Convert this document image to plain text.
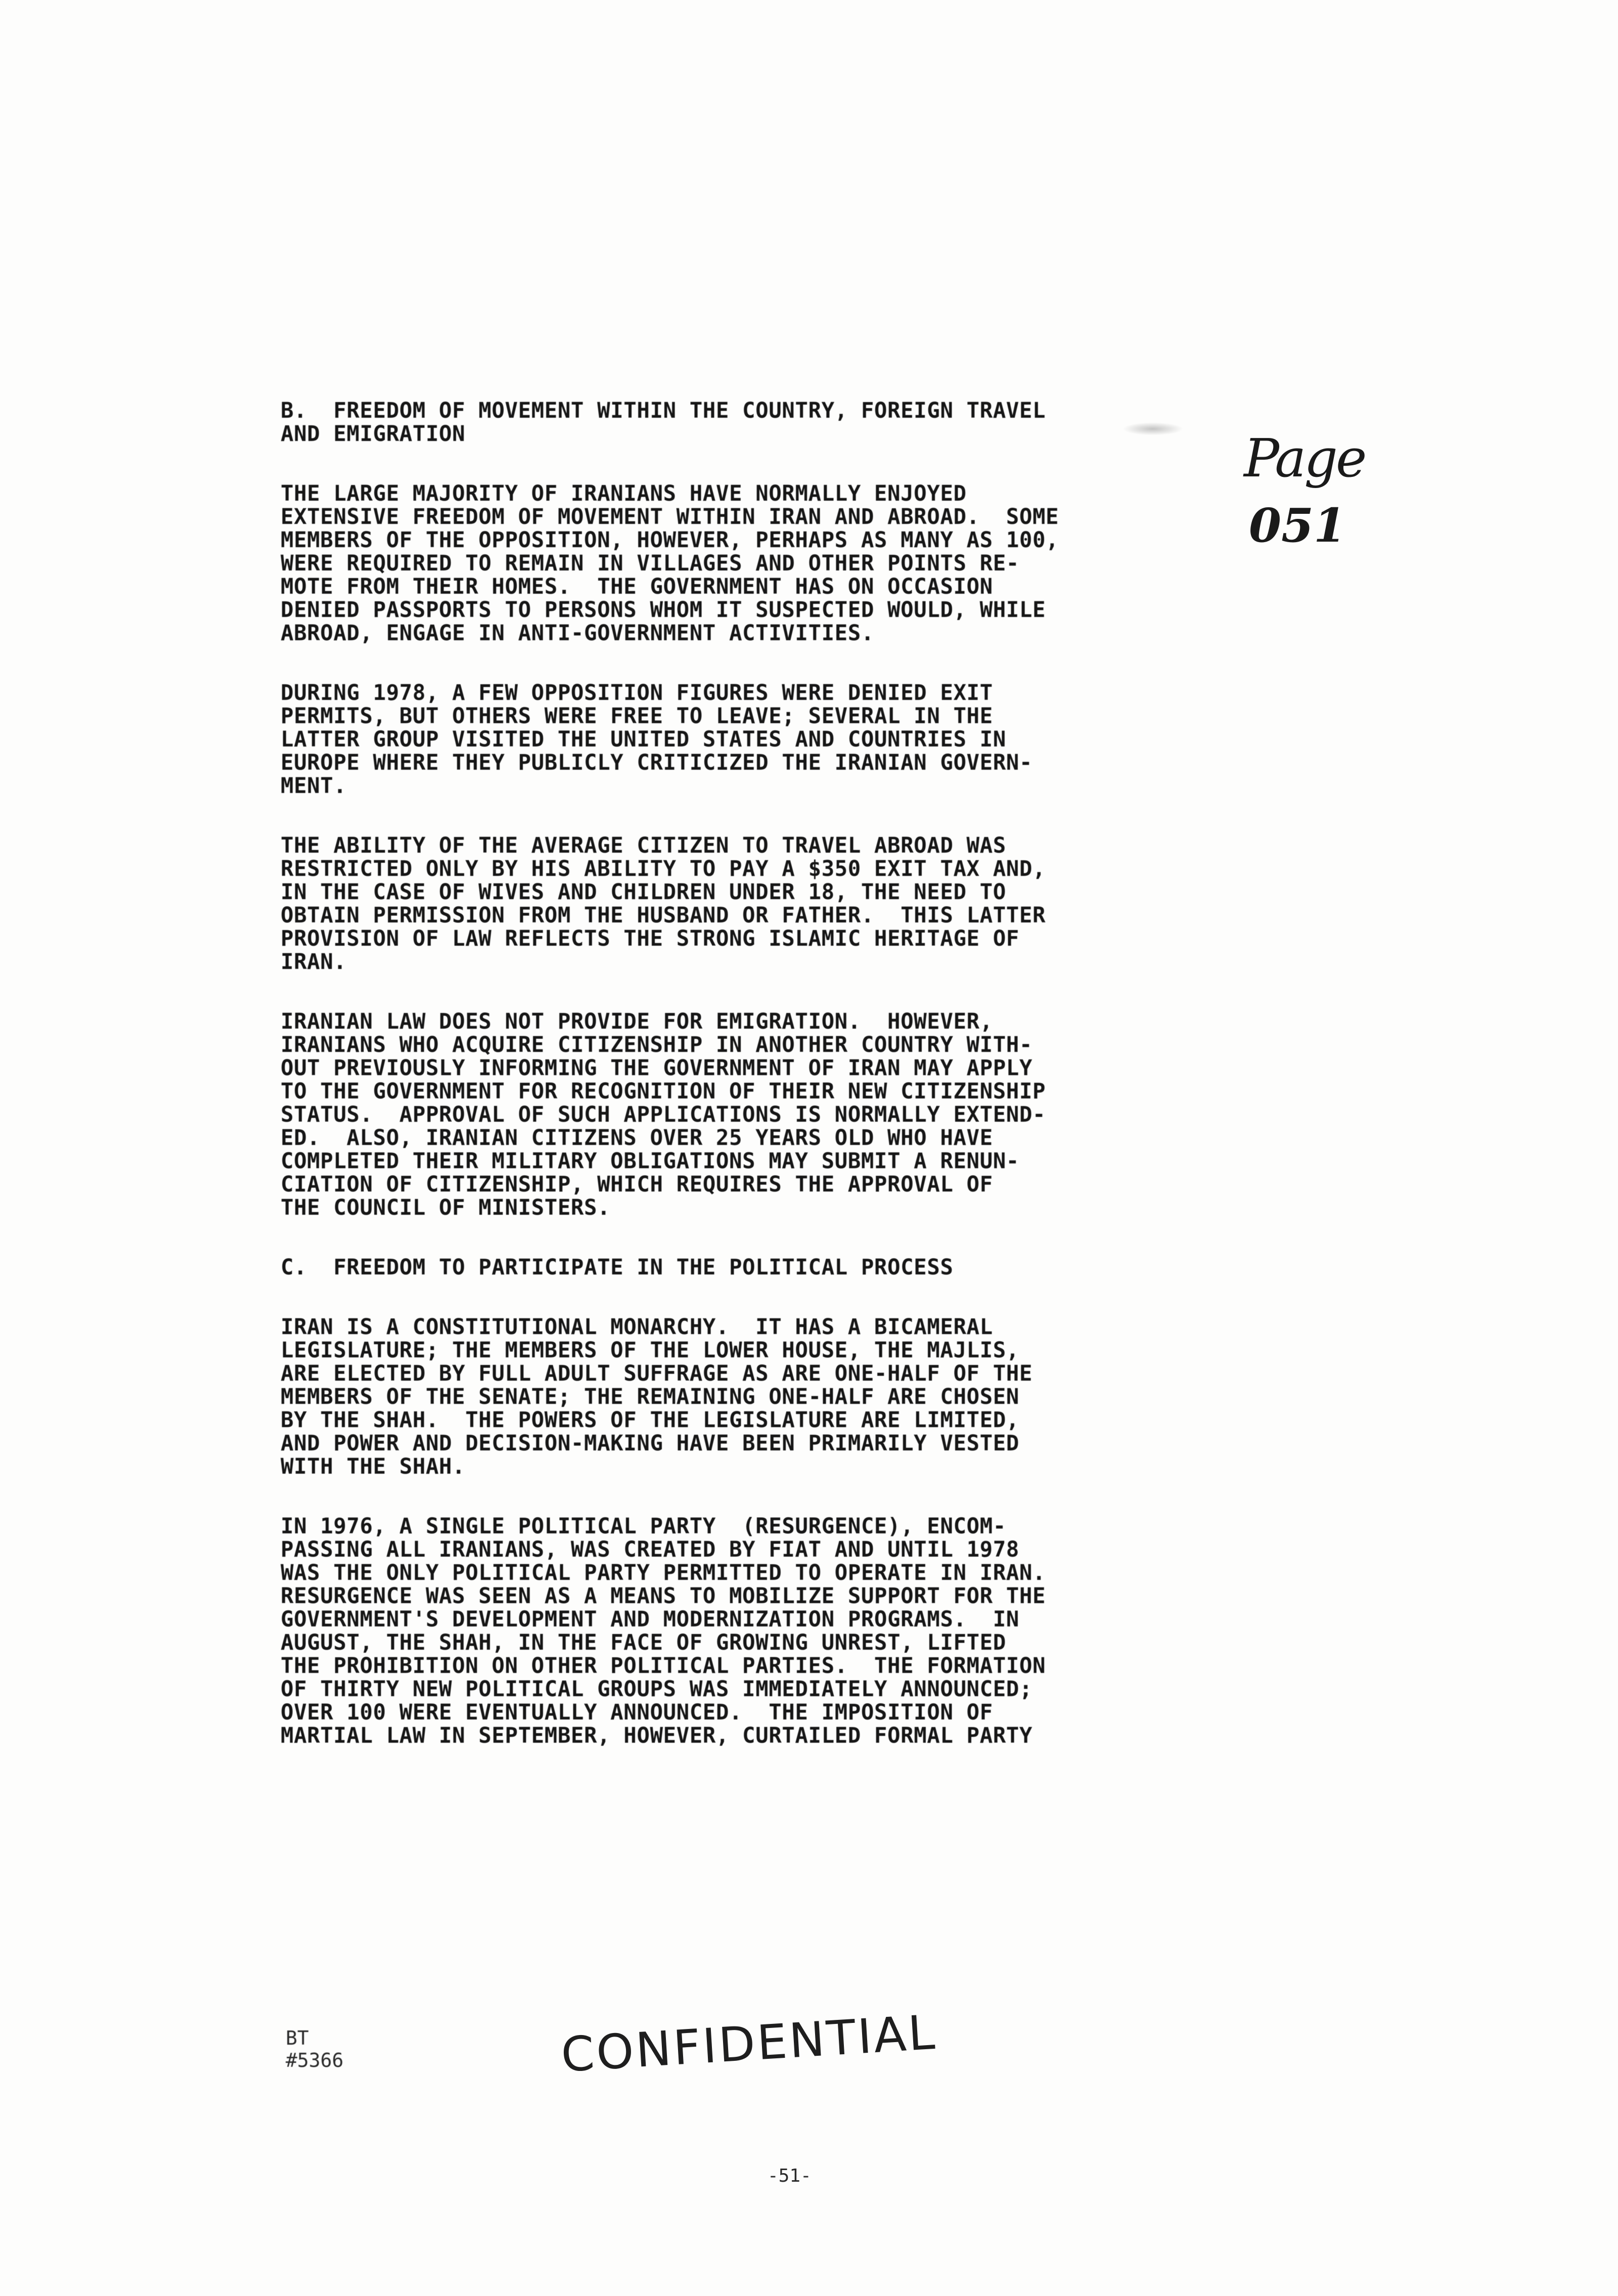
Page
051
B.  FREEDOM OF MOVEMENT WITHIN THE COUNTRY, FOREIGN TRAVEL
AND EMIGRATION
THE LARGE MAJORITY OF IRANIANS HAVE NORMALLY ENJOYED
EXTENSIVE FREEDOM OF MOVEMENT WITHIN IRAN AND ABROAD.  SOME
MEMBERS OF THE OPPOSITION, HOWEVER, PERHAPS AS MANY AS 100,
WERE REQUIRED TO REMAIN IN VILLAGES AND OTHER POINTS RE-
MOTE FROM THEIR HOMES.  THE GOVERNMENT HAS ON OCCASION
DENIED PASSPORTS TO PERSONS WHOM IT SUSPECTED WOULD, WHILE
ABROAD, ENGAGE IN ANTI-GOVERNMENT ACTIVITIES.
DURING 1978, A FEW OPPOSITION FIGURES WERE DENIED EXIT
PERMITS, BUT OTHERS WERE FREE TO LEAVE; SEVERAL IN THE
LATTER GROUP VISITED THE UNITED STATES AND COUNTRIES IN
EUROPE WHERE THEY PUBLICLY CRITICIZED THE IRANIAN GOVERN-
MENT.
THE ABILITY OF THE AVERAGE CITIZEN TO TRAVEL ABROAD WAS
RESTRICTED ONLY BY HIS ABILITY TO PAY A $350 EXIT TAX AND,
IN THE CASE OF WIVES AND CHILDREN UNDER 18, THE NEED TO
OBTAIN PERMISSION FROM THE HUSBAND OR FATHER.  THIS LATTER
PROVISION OF LAW REFLECTS THE STRONG ISLAMIC HERITAGE OF
IRAN.
IRANIAN LAW DOES NOT PROVIDE FOR EMIGRATION.  HOWEVER,
IRANIANS WHO ACQUIRE CITIZENSHIP IN ANOTHER COUNTRY WITH-
OUT PREVIOUSLY INFORMING THE GOVERNMENT OF IRAN MAY APPLY
TO THE GOVERNMENT FOR RECOGNITION OF THEIR NEW CITIZENSHIP
STATUS.  APPROVAL OF SUCH APPLICATIONS IS NORMALLY EXTEND-
ED.  ALSO, IRANIAN CITIZENS OVER 25 YEARS OLD WHO HAVE
COMPLETED THEIR MILITARY OBLIGATIONS MAY SUBMIT A RENUN-
CIATION OF CITIZENSHIP, WHICH REQUIRES THE APPROVAL OF
THE COUNCIL OF MINISTERS.
C.  FREEDOM TO PARTICIPATE IN THE POLITICAL PROCESS
IRAN IS A CONSTITUTIONAL MONARCHY.  IT HAS A BICAMERAL
LEGISLATURE; THE MEMBERS OF THE LOWER HOUSE, THE MAJLIS,
ARE ELECTED BY FULL ADULT SUFFRAGE AS ARE ONE-HALF OF THE
MEMBERS OF THE SENATE; THE REMAINING ONE-HALF ARE CHOSEN
BY THE SHAH.  THE POWERS OF THE LEGISLATURE ARE LIMITED,
AND POWER AND DECISION-MAKING HAVE BEEN PRIMARILY VESTED
WITH THE SHAH.
IN 1976, A SINGLE POLITICAL PARTY  (RESURGENCE), ENCOM-
PASSING ALL IRANIANS, WAS CREATED BY FIAT AND UNTIL 1978
WAS THE ONLY POLITICAL PARTY PERMITTED TO OPERATE IN IRAN.
RESURGENCE WAS SEEN AS A MEANS TO MOBILIZE SUPPORT FOR THE
GOVERNMENT'S DEVELOPMENT AND MODERNIZATION PROGRAMS.  IN
AUGUST, THE SHAH, IN THE FACE OF GROWING UNREST, LIFTED
THE PROHIBITION ON OTHER POLITICAL PARTIES.  THE FORMATION
OF THIRTY NEW POLITICAL GROUPS WAS IMMEDIATELY ANNOUNCED;
OVER 100 WERE EVENTUALLY ANNOUNCED.  THE IMPOSITION OF
MARTIAL LAW IN SEPTEMBER, HOWEVER, CURTAILED FORMAL PARTY
BT
#5366	CONFIDENTIAL
-51-
